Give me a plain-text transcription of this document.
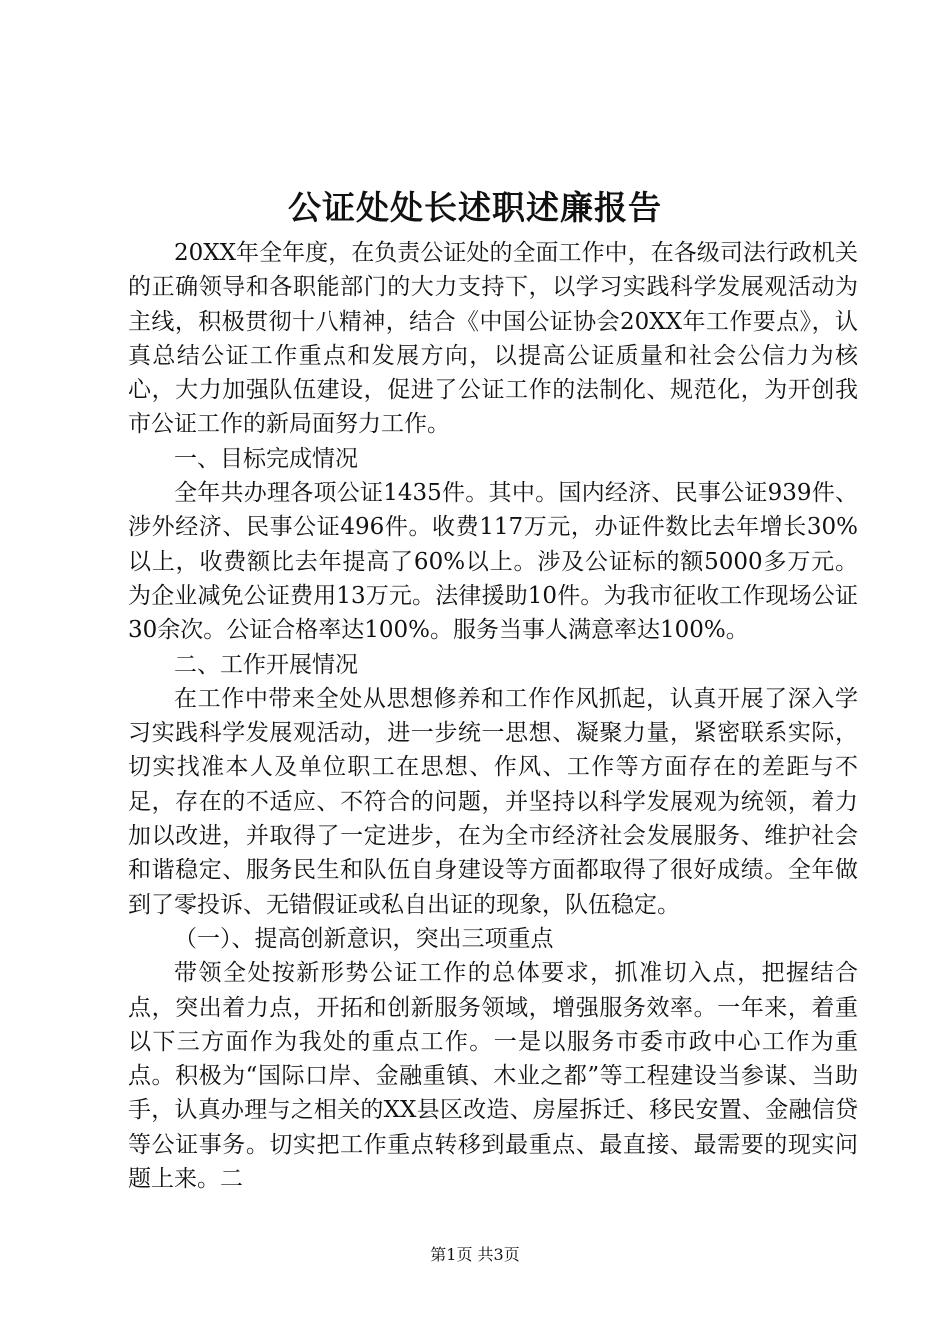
公证处处长述职述廉报告

20XX年全年度，在负责公证处的全面工作中，在各级司法行政机关的正确领导和各职能部门的大力支持下，以学习实践科学发展观活动为主线，积极贯彻十八精神，结合《中国公证协会20XX年工作要点》，认真总结公证工作重点和发展方向，以提高公证质量和社会公信力为核心，大力加强队伍建设，促进了公证工作的法制化、规范化，为开创我市公证工作的新局面努力工作。

一、目标完成情况

全年共办理各项公证1435件。其中。国内经济、民事公证939件、涉外经济、民事公证496件。收费117万元，办证件数比去年增长30%以上，收费额比去年提高了60%以上。涉及公证标的额5000多万元。为企业减免公证费用13万元。法律援助10件。为我市征收工作现场公证30余次。公证合格率达100%。服务当事人满意率达100%。

二、工作开展情况

在工作中带来全处从思想修养和工作作风抓起，认真开展了深入学习实践科学发展观活动，进一步统一思想、凝聚力量，紧密联系实际，切实找准本人及单位职工在思想、作风、工作等方面存在的差距与不足，存在的不适应、不符合的问题，并坚持以科学发展观为统领，着力加以改进，并取得了一定进步，在为全市经济社会发展服务、维护社会和谐稳定、服务民生和队伍自身建设等方面都取得了很好成绩。全年做到了零投诉、无错假证或私自出证的现象，队伍稳定。

（一）、提高创新意识，突出三项重点

带领全处按新形势公证工作的总体要求，抓准切入点，把握结合点，突出着力点，开拓和创新服务领域，增强服务效率。一年来，着重以下三方面作为我处的重点工作。一是以服务市委市政中心工作为重点。积极为“国际口岸、金融重镇、木业之都”等工程建设当参谋、当助手，认真办理与之相关的XX县区改造、房屋拆迁、移民安置、金融信贷等公证事务。切实把工作重点转移到最重点、最直接、最需要的现实问题上来。二

第1页 共3页
